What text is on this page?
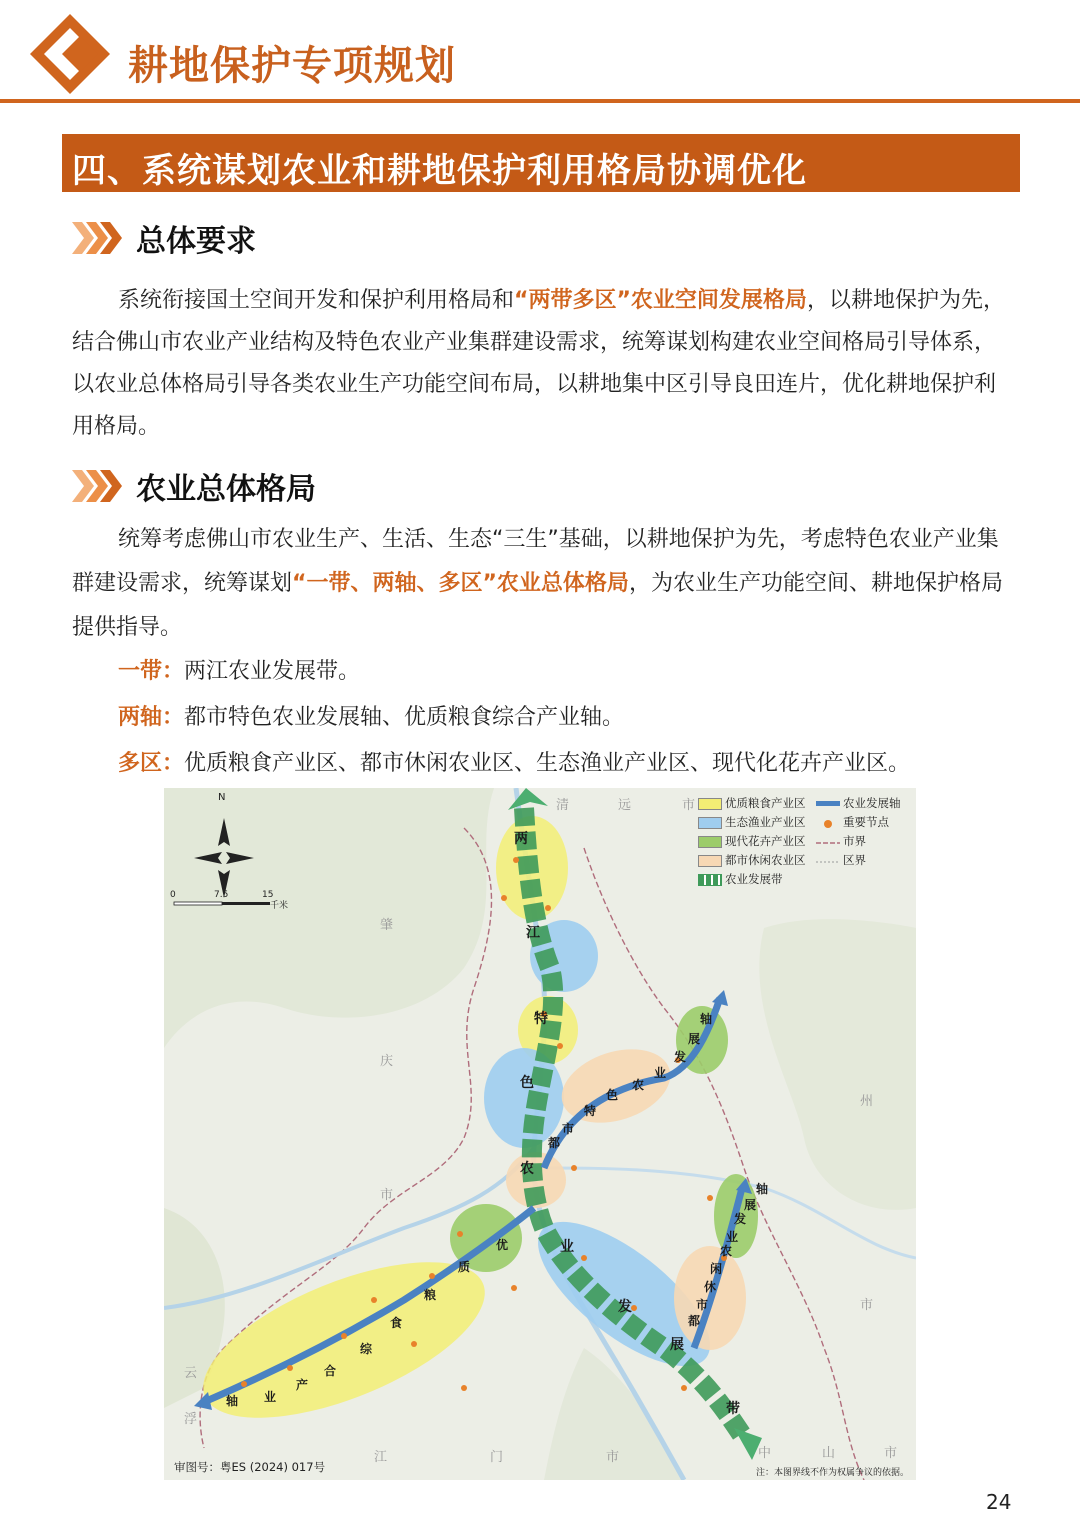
耕地保护专项规划
四、系统谋划农业和耕地保护利用格局协调优化
总体要求
系统衔接国土空间开发和保护利用格局和“两带多区”农业空间发展格局，以耕地保护为先，结合佛山市农业产业结构及特色农业产业集群建设需求，统筹谋划构建农业空间格局引导体系，以农业总体格局引导各类农业生产功能空间布局，以耕地集中区引导良田连片，优化耕地保护利用格局。
农业总体格局
统筹考虑佛山市农业生产、生活、生态“三生”基础，以耕地保护为先，考虑特色农业产业集群建设需求，统筹谋划“一带、两轴、多区”农业总体格局，为农业生产功能空间、耕地保护格局提供指导。
一带：两江农业发展带。
两轴：都市特色农业发展轴、优质粮食综合产业轴。
多区：优质粮食产业区、都市休闲农业区、生态渔业产业区、现代化花卉产业区。
N
0	7.5	15
千米
清	远	市
肇
庆
市
州
市
江	门	市	中	山	市
云
浮
两
江
特
色
农
业
发
展
带
都
市
特
色
农
业
发
展
轴
优
质
粮
食
综
合
产
业
轴
都
市
休
闲
农
业
发
展
轴
优质粮食产业区
生态渔业产业区
现代花卉产业区
都市休闲农业区
农业发展带
农业发展轴
重要节点
市界
区界
审图号：粤ES (2024) 017号	注：本图界线不作为权属争议的依据。
24
